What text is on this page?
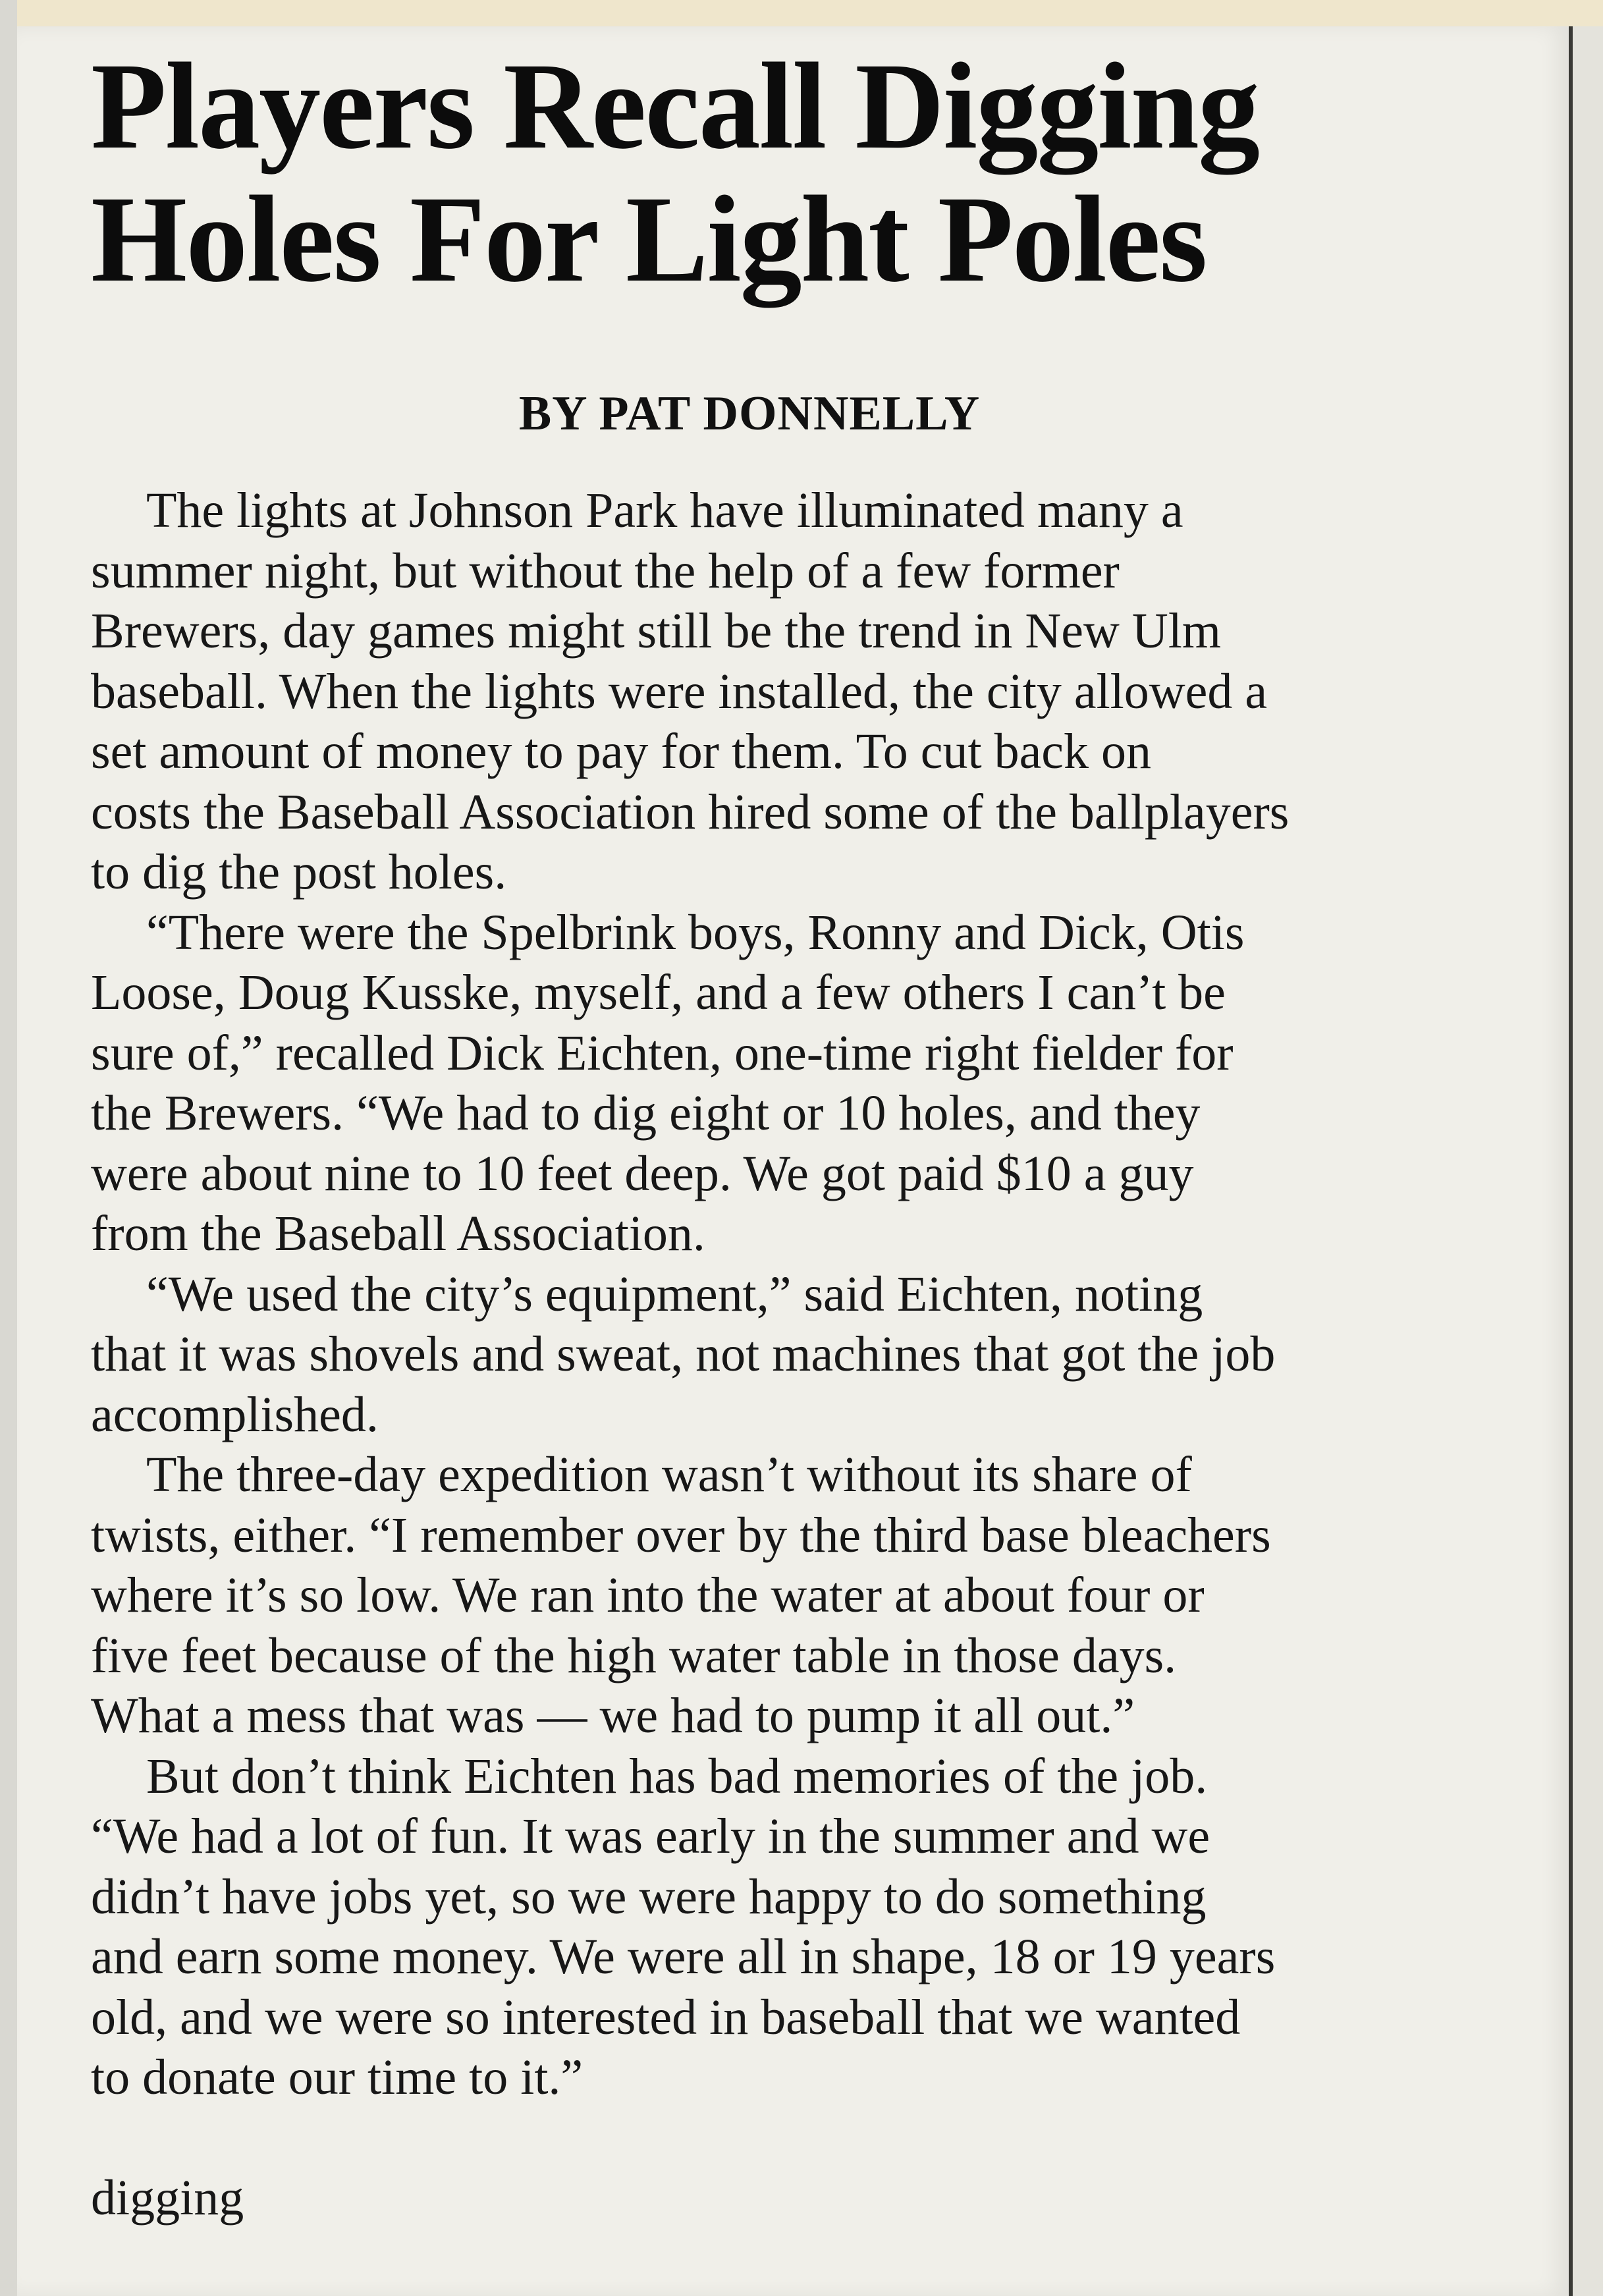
Players Recall Digging
Holes For Light Poles
BY PAT DONNELLY

The lights at Johnson Park have illuminated many a
summer night, but without the help of a few former
Brewers, day games might still be the trend in New Ulm
baseball. When the lights were installed, the city allowed a
set amount of money to pay for them. To cut back on
costs the Baseball Association hired some of the ballplayers
to dig the post holes.

“There were the Spelbrink boys, Ronny and Dick, Otis
Loose, Doug Kusske, myself, and a few others I can’t be
sure of,” recalled Dick Eichten, one-time right fielder for
the Brewers. “We had to dig eight or 10 holes, and they
were about nine to 10 feet deep. We got paid $10 a guy
from the Baseball Association.

“We used the city’s equipment,” said Eichten, noting
that it was shovels and sweat, not machines that got the job
accomplished.

The three-day expedition wasn’t without its share of
twists, either. “I remember over by the third base bleachers
where it’s so low. We ran into the water at about four or
five feet because of the high water table in those days.
What a mess that was — we had to pump it all out.”

But don’t think Eichten has bad memories of the job.
“We had a lot of fun. It was early in the summer and we
didn’t have jobs yet, so we were happy to do something
and earn some money. We were all in shape, 18 or 19 years
old, and we were so interested in baseball that we wanted
to donate our time to it.”

digging
